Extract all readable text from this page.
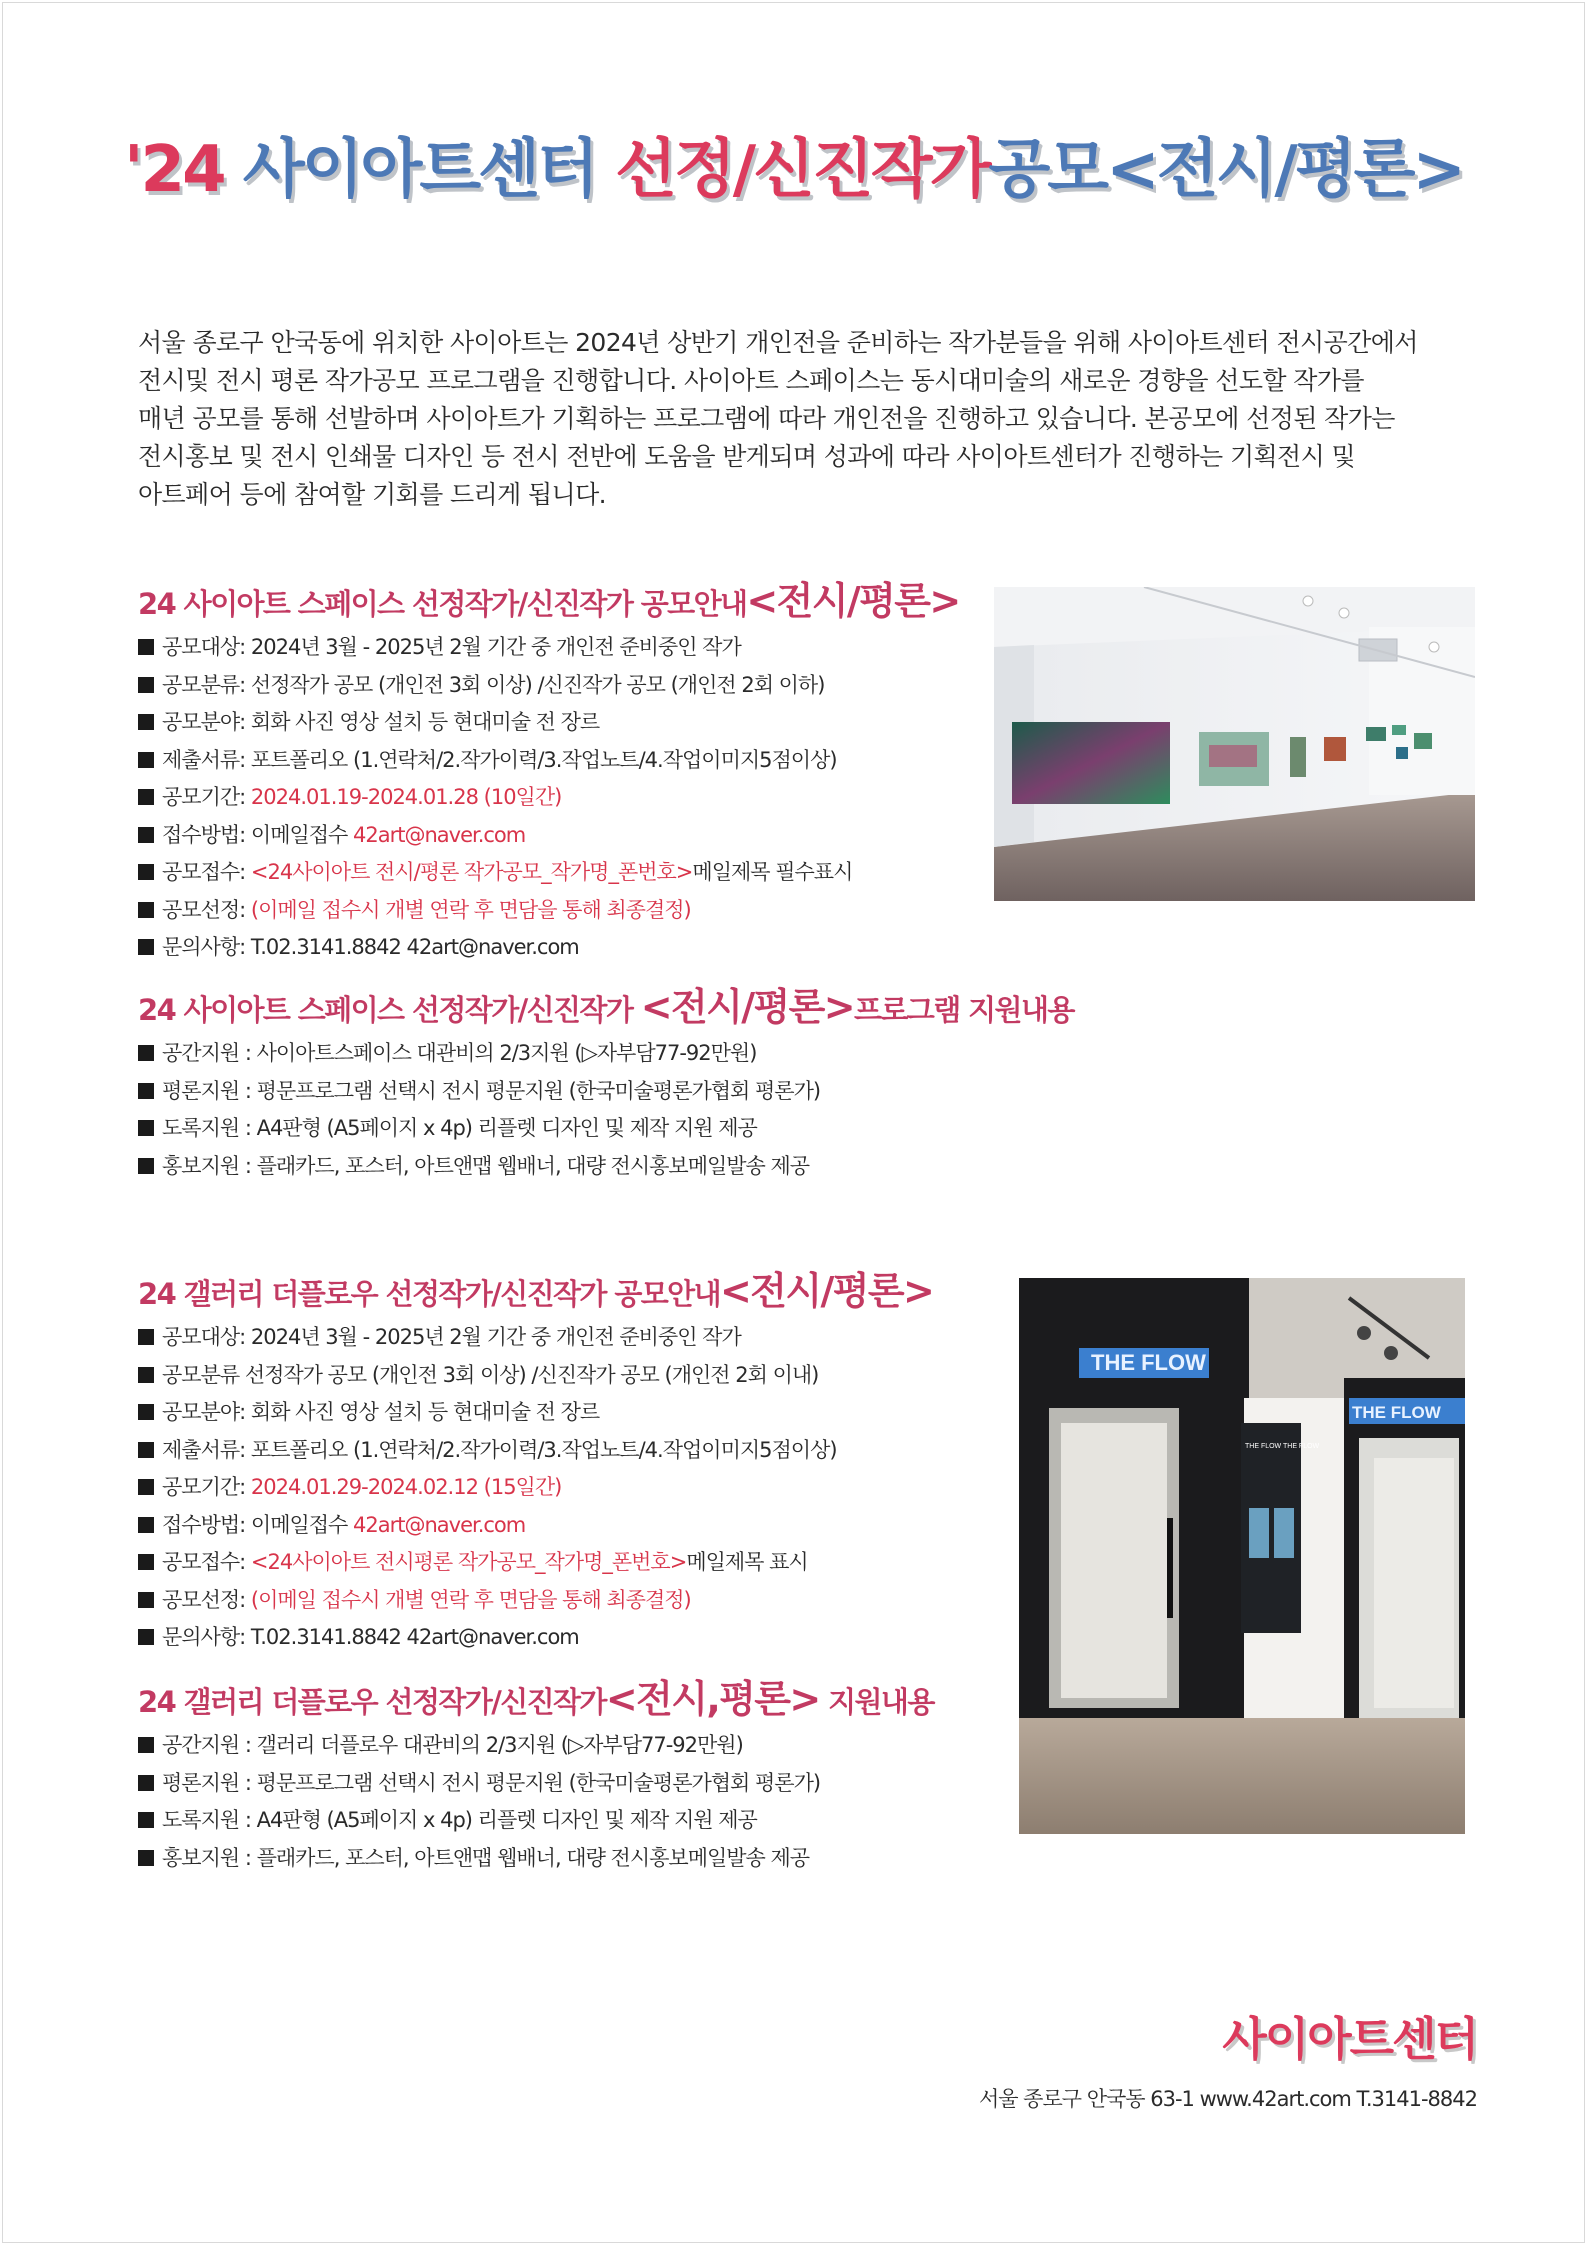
'24 사이아트센터 선정/신진작가공모<전시/평론>
서울 종로구 안국동에 위치한 사이아트는 2024년 상반기 개인전을 준비하는 작가분들을 위해 사이아트센터 전시공간에서
전시및 전시 평론 작가공모 프로그램을 진행합니다. 사이아트 스페이스는 동시대미술의 새로운 경향을 선도할 작가를
매년 공모를 통해 선발하며 사이아트가 기획하는 프로그램에 따라 개인전을 진행하고 있습니다. 본공모에 선정된 작가는
전시홍보 및 전시 인쇄물 디자인 등 전시 전반에 도움을 받게되며 성과에 따라 사이아트센터가 진행하는 기획전시 및
아트페어 등에 참여할 기회를 드리게 됩니다.
24 사이아트 스페이스 선정작가/신진작가 공모안내<전시/평론>
공모대상: 2024년 3월 - 2025년 2월 기간 중 개인전 준비중인 작가
공모분류: 선정작가 공모 (개인전 3회 이상) /신진작가 공모 (개인전 2회 이하)
공모분야: 회화 사진 영상 설치 등 현대미술 전 장르
제출서류: 포트폴리오 (1.연락처/2.작가이력/3.작업노트/4.작업이미지5점이상)
공모기간: 2024.01.19-2024.01.28 (10일간)
접수방법: 이메일접수 42art@naver.com
공모접수: <24사이아트 전시/평론 작가공모_작가명_폰번호>메일제목 필수표시
공모선정: (이메일 접수시 개별 연락 후 면담을 통해 최종결정)
문의사항: T.02.3141.8842 42art@naver.com
24 사이아트 스페이스 선정작가/신진작가 <전시/평론>프로그램 지원내용
공간지원 : 사이아트스페이스 대관비의 2/3지원 (▷자부담77-92만원)
평론지원 : 평문프로그램 선택시 전시 평문지원 (한국미술평론가협회 평론가)
도록지원 : A4판형 (A5페이지 x 4p) 리플렛 디자인 및 제작 지원 제공
홍보지원 : 플래카드, 포스터, 아트앤맵 웹배너, 대량 전시홍보메일발송 제공
24 갤러리 더플로우 선정작가/신진작가 공모안내<전시/평론>
공모대상: 2024년 3월 - 2025년 2월 기간 중 개인전 준비중인 작가
공모분류 선정작가 공모 (개인전 3회 이상) /신진작가 공모 (개인전 2회 이내)
공모분야: 회화 사진 영상 설치 등 현대미술 전 장르
제출서류: 포트폴리오 (1.연락처/2.작가이력/3.작업노트/4.작업이미지5점이상)
공모기간: 2024.01.29-2024.02.12 (15일간)
접수방법: 이메일접수 42art@naver.com
공모접수: <24사이아트 전시평론 작가공모_작가명_폰번호>메일제목 표시
공모선정: (이메일 접수시 개별 연락 후 면담을 통해 최종결정)
문의사항: T.02.3141.8842 42art@naver.com
24 갤러리 더플로우 선정작가/신진작가<전시,평론> 지원내용
공간지원 : 갤러리 더플로우 대관비의 2/3지원 (▷자부담77-92만원)
평론지원 : 평문프로그램 선택시 전시 평문지원 (한국미술평론가협회 평론가)
도록지원 : A4판형 (A5페이지 x 4p) 리플렛 디자인 및 제작 지원 제공
홍보지원 : 플래카드, 포스터, 아트앤맵 웹배너, 대량 전시홍보메일발송 제공
THE FLOW
THE FLOW
THE FLOW THE FLOW
사이아트센터
서울 종로구 안국동 63-1 www.42art.com T.3141-8842
